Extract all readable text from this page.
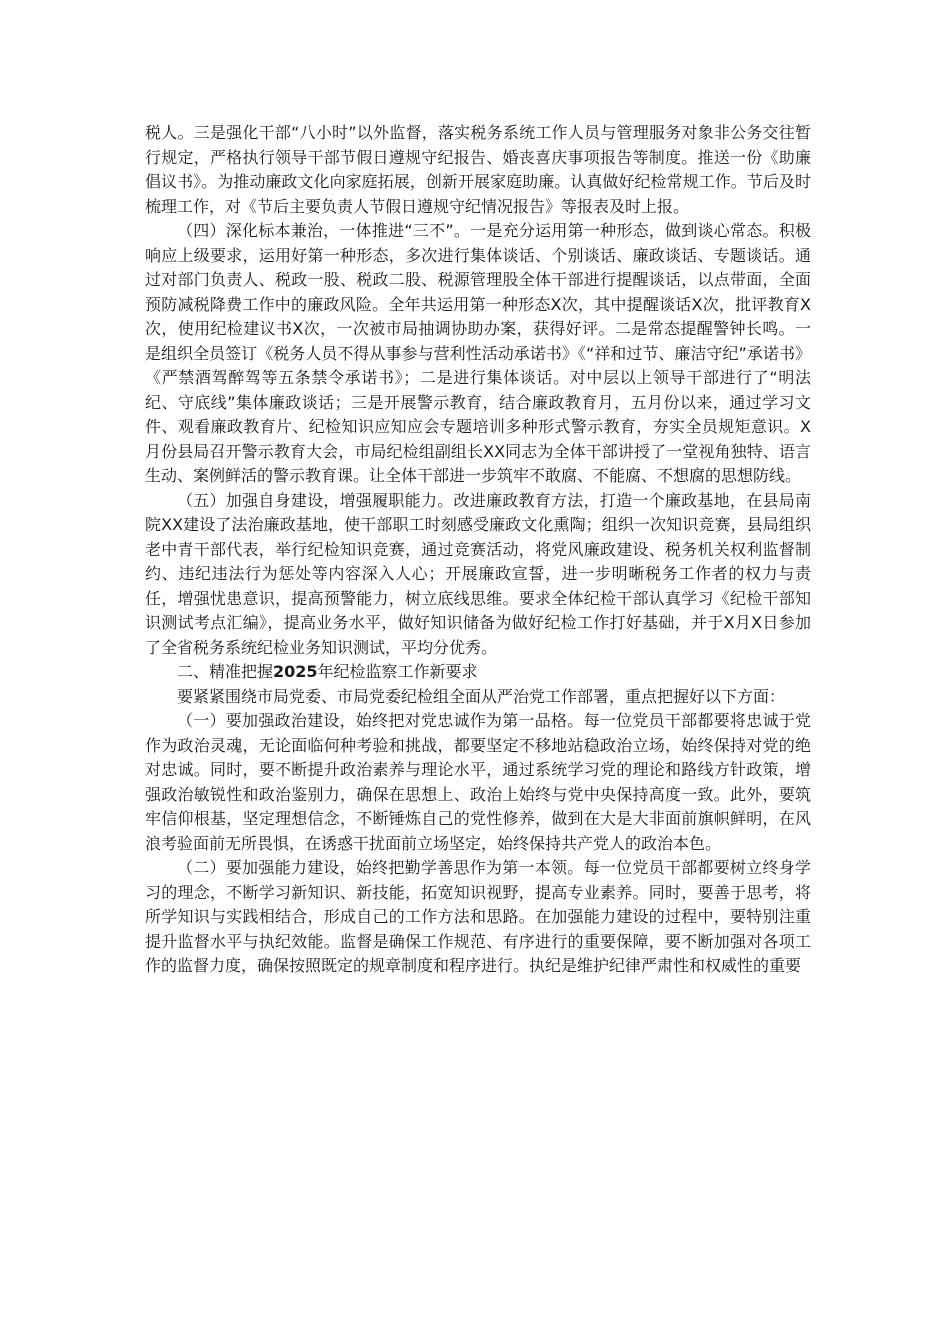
税人。三是强化干部“八小时”以外监督，落实税务系统工作人员与管理服务对象非公务交往暂行规定，严格执行领导干部节假日遵规守纪报告、婚丧喜庆事项报告等制度。推送一份《助廉倡议书》。为推动廉政文化向家庭拓展，创新开展家庭助廉。认真做好纪检常规工作。节后及时梳理工作，对《节后主要负责人节假日遵规守纪情况报告》等报表及时上报。

（四）深化标本兼治，一体推进“三不”。一是充分运用第一种形态，做到谈心常态。积极响应上级要求，运用好第一种形态，多次进行集体谈话、个别谈话、廉政谈话、专题谈话。通过对部门负责人、税政一股、税政二股、税源管理股全体干部进行提醒谈话，以点带面，全面预防减税降费工作中的廉政风险。全年共运用第一种形态X次，其中提醒谈话X次，批评教育X次，使用纪检建议书X次，一次被市局抽调协助办案，获得好评。二是常态提醒警钟长鸣。一是组织全员签订《税务人员不得从事参与营利性活动承诺书》《“祥和过节、廉洁守纪”承诺书》《严禁酒驾醉驾等五条禁令承诺书》；二是进行集体谈话。对中层以上领导干部进行了“明法纪、守底线”集体廉政谈话；三是开展警示教育，结合廉政教育月，五月份以来，通过学习文件、观看廉政教育片、纪检知识应知应会专题培训多种形式警示教育，夯实全员规矩意识。X月份县局召开警示教育大会，市局纪检组副组长XX同志为全体干部讲授了一堂视角独特、语言生动、案例鲜活的警示教育课。让全体干部进一步筑牢不敢腐、不能腐、不想腐的思想防线。

（五）加强自身建设，增强履职能力。改进廉政教育方法，打造一个廉政基地，在县局南院XX建设了法治廉政基地，使干部职工时刻感受廉政文化熏陶；组织一次知识竞赛，县局组织老中青干部代表，举行纪检知识竞赛，通过竞赛活动，将党风廉政建设、税务机关权利监督制约、违纪违法行为惩处等内容深入人心；开展廉政宣誓，进一步明晰税务工作者的权力与责任，增强忧患意识，提高预警能力，树立底线思维。要求全体纪检干部认真学习《纪检干部知识测试考点汇编》，提高业务水平，做好知识储备为做好纪检工作打好基础，并于X月X日参加了全省税务系统纪检业务知识测试，平均分优秀。

二、精准把握2025年纪检监察工作新要求

要紧紧围绕市局党委、市局党委纪检组全面从严治党工作部署，重点把握好以下方面：

（一）要加强政治建设，始终把对党忠诚作为第一品格。每一位党员干部都要将忠诚于党作为政治灵魂，无论面临何种考验和挑战，都要坚定不移地站稳政治立场，始终保持对党的绝对忠诚。同时，要不断提升政治素养与理论水平，通过系统学习党的理论和路线方针政策，增强政治敏锐性和政治鉴别力，确保在思想上、政治上始终与党中央保持高度一致。此外，要筑牢信仰根基，坚定理想信念，不断锤炼自己的党性修养，做到在大是大非面前旗帜鲜明，在风浪考验面前无所畏惧，在诱惑干扰面前立场坚定，始终保持共产党人的政治本色。

（二）要加强能力建设，始终把勤学善思作为第一本领。每一位党员干部都要树立终身学习的理念，不断学习新知识、新技能，拓宽知识视野，提高专业素养。同时，要善于思考，将所学知识与实践相结合，形成自己的工作方法和思路。在加强能力建设的过程中，要特别注重提升监督水平与执纪效能。监督是确保工作规范、有序进行的重要保障，要不断加强对各项工作的监督力度，确保按照既定的规章制度和程序进行。执纪是维护纪律严肃性和权威性的重要
